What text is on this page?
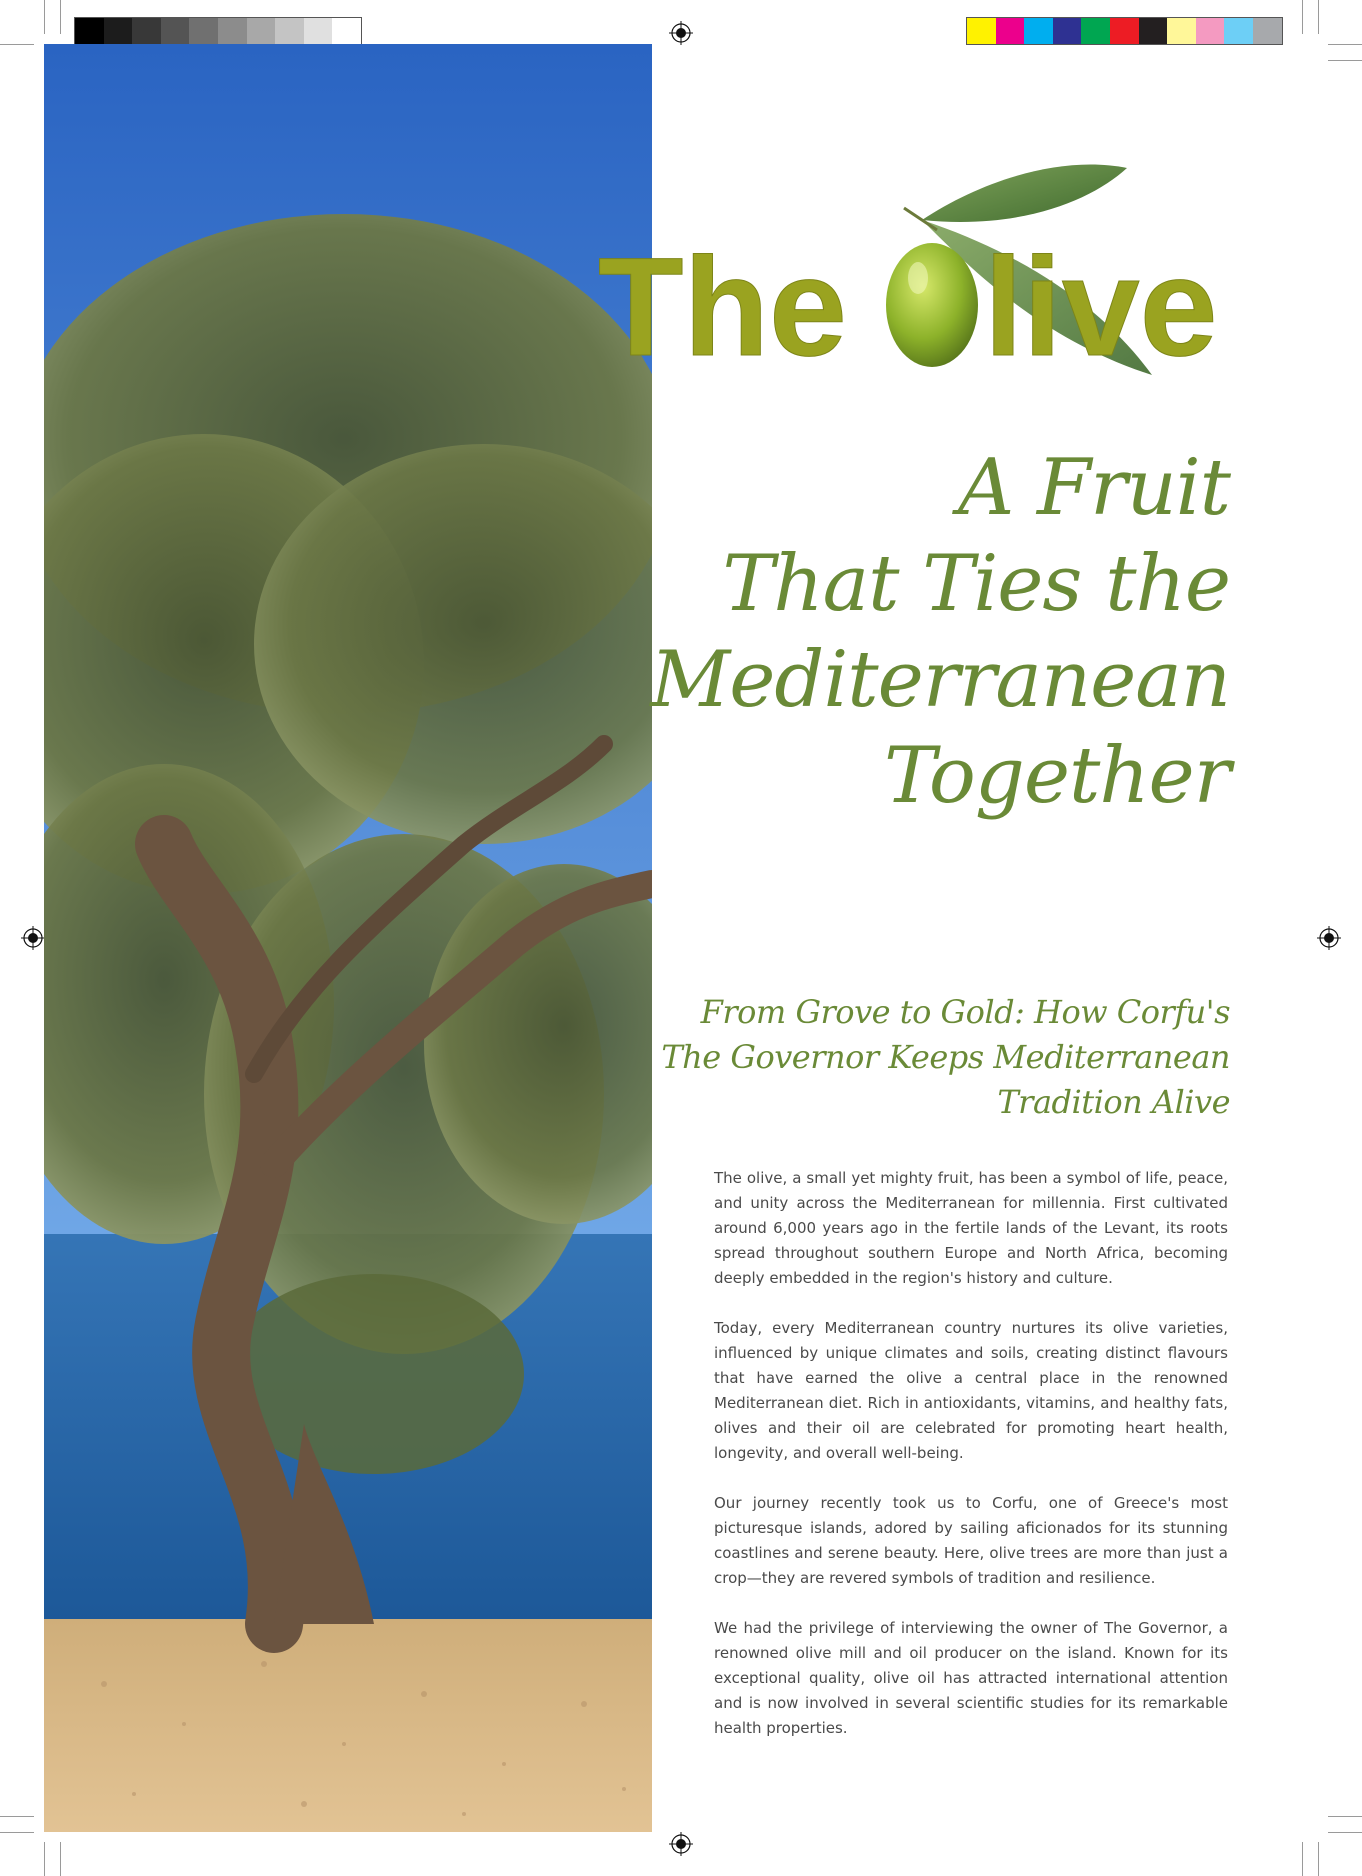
The live
A Fruit
That Ties the
Mediterranean
Together
From Grove to Gold: How Corfu's
The Governor Keeps Mediterranean
Tradition Alive

The olive, a small yet mighty fruit, has been a symbol of life, peace, and unity across the Mediterranean for millennia. First cultivated around 6,000 years ago in the fertile lands of the Levant, its roots spread throughout southern Europe and North Africa, becoming deeply embedded in the region's history and culture.

Today, every Mediterranean country nurtures its olive varieties, influenced by unique climates and soils, creating distinct flavours that have earned the olive a central place in the renowned Mediterranean diet. Rich in antioxidants, vitamins, and healthy fats, olives and their oil are celebrated for promoting heart health, longevity, and overall well-being.

Our journey recently took us to Corfu, one of Greece's most picturesque islands, adored by sailing aficionados for its stunning coastlines and serene beauty. Here, olive trees are more than just a crop—they are revered symbols of tradition and resilience.

We had the privilege of interviewing the owner of The Governor, a renowned olive mill and oil producer on the island. Known for its exceptional quality, olive oil has attracted international attention and is now involved in several scientific studies for its remarkable health properties.
